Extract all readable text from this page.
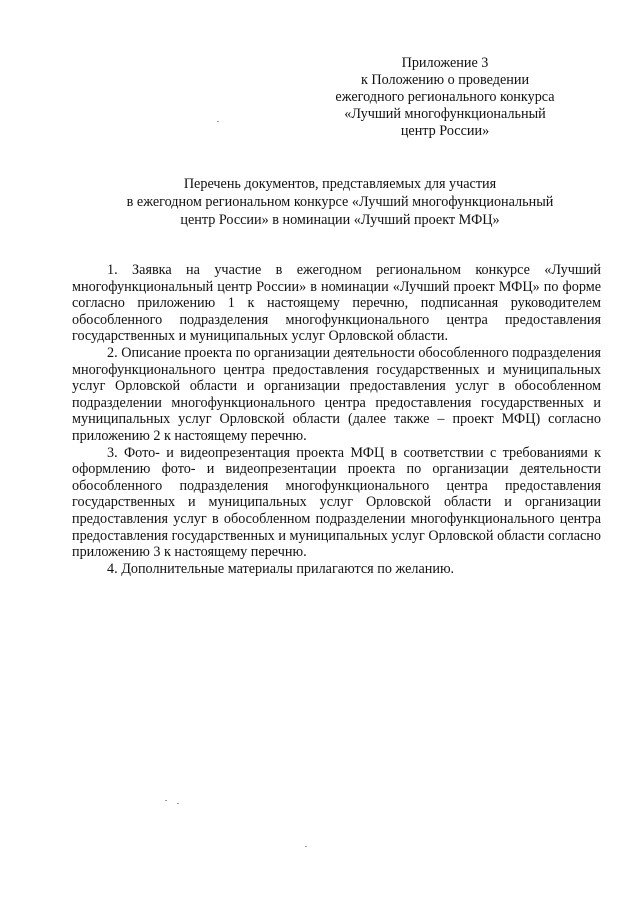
Приложение 3
к Положению о проведении
ежегодного регионального конкурса
«Лучший многофункциональный
центр России»
Перечень документов, представляемых для участия
в ежегодном региональном конкурсе «Лучший многофункциональный
центр России» в номинации «Лучший проект МФЦ»

1. Заявка на участие в ежегодном региональном конкурсе «Лучший многофункциональный центр России» в номинации «Лучший проект МФЦ» по форме согласно приложению 1 к настоящему перечню, подписанная руководителем обособленного подразделения многофункционального центра предоставления государственных и муниципальных услуг Орловской области.

2. Описание проекта по организации деятельности обособленного подразделения многофункционального центра предоставления государственных и муниципальных услуг Орловской области и организации предоставления услуг в обособленном подразделении многофункционального центра предоставления государственных и муниципальных услуг Орловской области (далее также – проект МФЦ) согласно приложению 2 к настоящему перечню.

3. Фото- и видеопрезентация проекта МФЦ в соответствии с требованиями к оформлению фото- и видеопрезентации проекта по организации деятельности обособленного подразделения многофункционального центра предоставления государственных и муниципальных услуг Орловской области и организации предоставления услуг в обособленном подразделении многофункционального центра предоставления государственных и муниципальных услуг Орловской области согласно приложению 3 к настоящему перечню.

4. Дополнительные материалы прилагаются по желанию.
